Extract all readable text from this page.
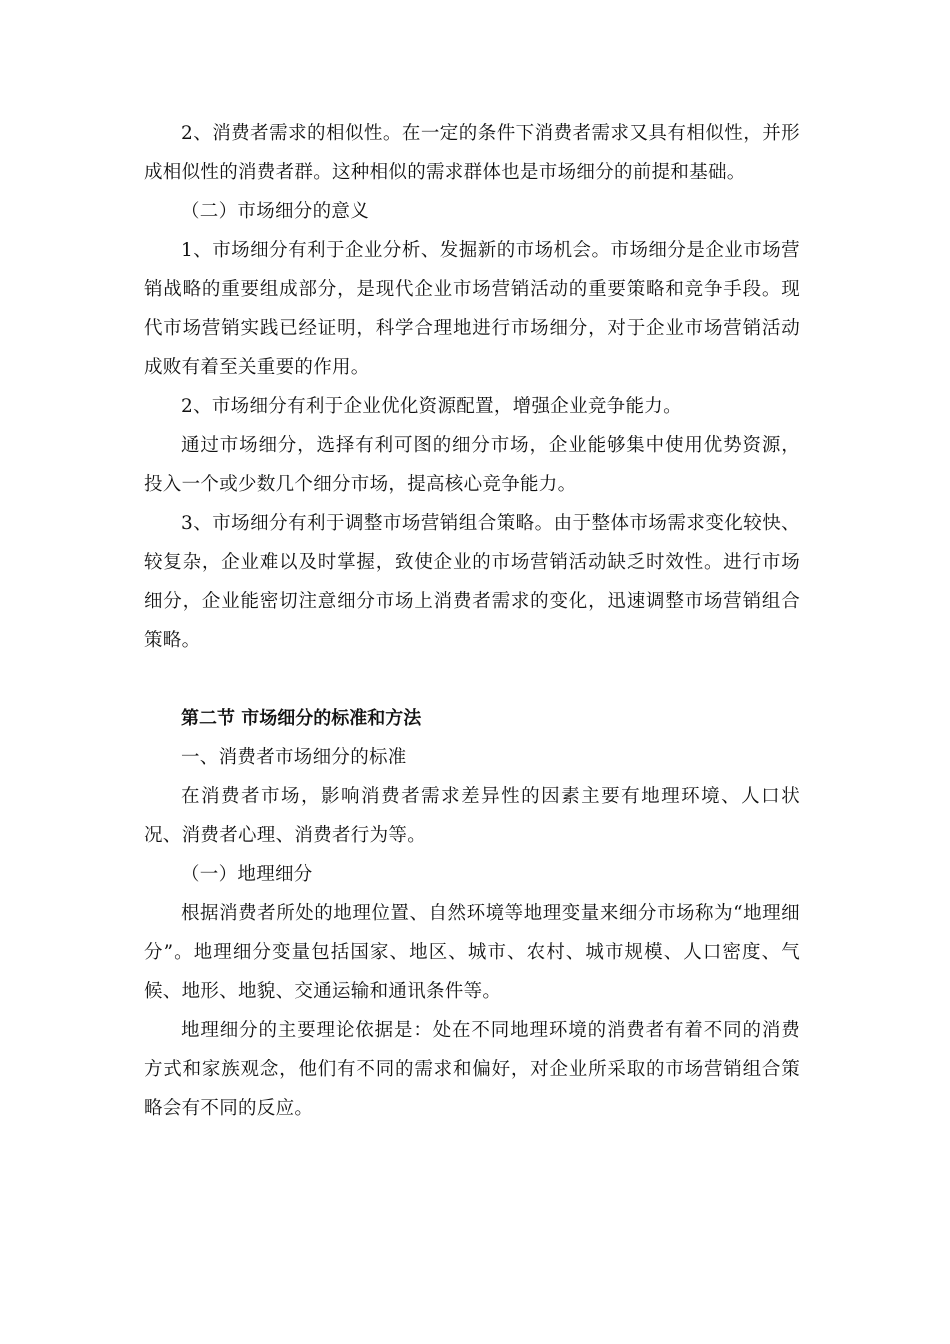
2、消费者需求的相似性。在一定的条件下消费者需求又具有相似性，并形成相似性的消费者群。这种相似的需求群体也是市场细分的前提和基础。

（二）市场细分的意义

1、市场细分有利于企业分析、发掘新的市场机会。市场细分是企业市场营销战略的重要组成部分，是现代企业市场营销活动的重要策略和竞争手段。现代市场营销实践已经证明，科学合理地进行市场细分，对于企业市场营销活动成败有着至关重要的作用。

2、市场细分有利于企业优化资源配置，增强企业竞争能力。

通过市场细分，选择有利可图的细分市场，企业能够集中使用优势资源，投入一个或少数几个细分市场，提高核心竞争能力。

3、市场细分有利于调整市场营销组合策略。由于整体市场需求变化较快、较复杂，企业难以及时掌握，致使企业的市场营销活动缺乏时效性。进行市场细分，企业能密切注意细分市场上消费者需求的变化，迅速调整市场营销组合策略。

第二节 市场细分的标准和方法

一、消费者市场细分的标准

在消费者市场，影响消费者需求差异性的因素主要有地理环境、人口状况、消费者心理、消费者行为等。

（一）地理细分

根据消费者所处的地理位置、自然环境等地理变量来细分市场称为“地理细分”。地理细分变量包括国家、地区、城市、农村、城市规模、人口密度、气候、地形、地貌、交通运输和通讯条件等。

地理细分的主要理论依据是：处在不同地理环境的消费者有着不同的消费方式和家族观念，他们有不同的需求和偏好，对企业所采取的市场营销组合策略会有不同的反应。
